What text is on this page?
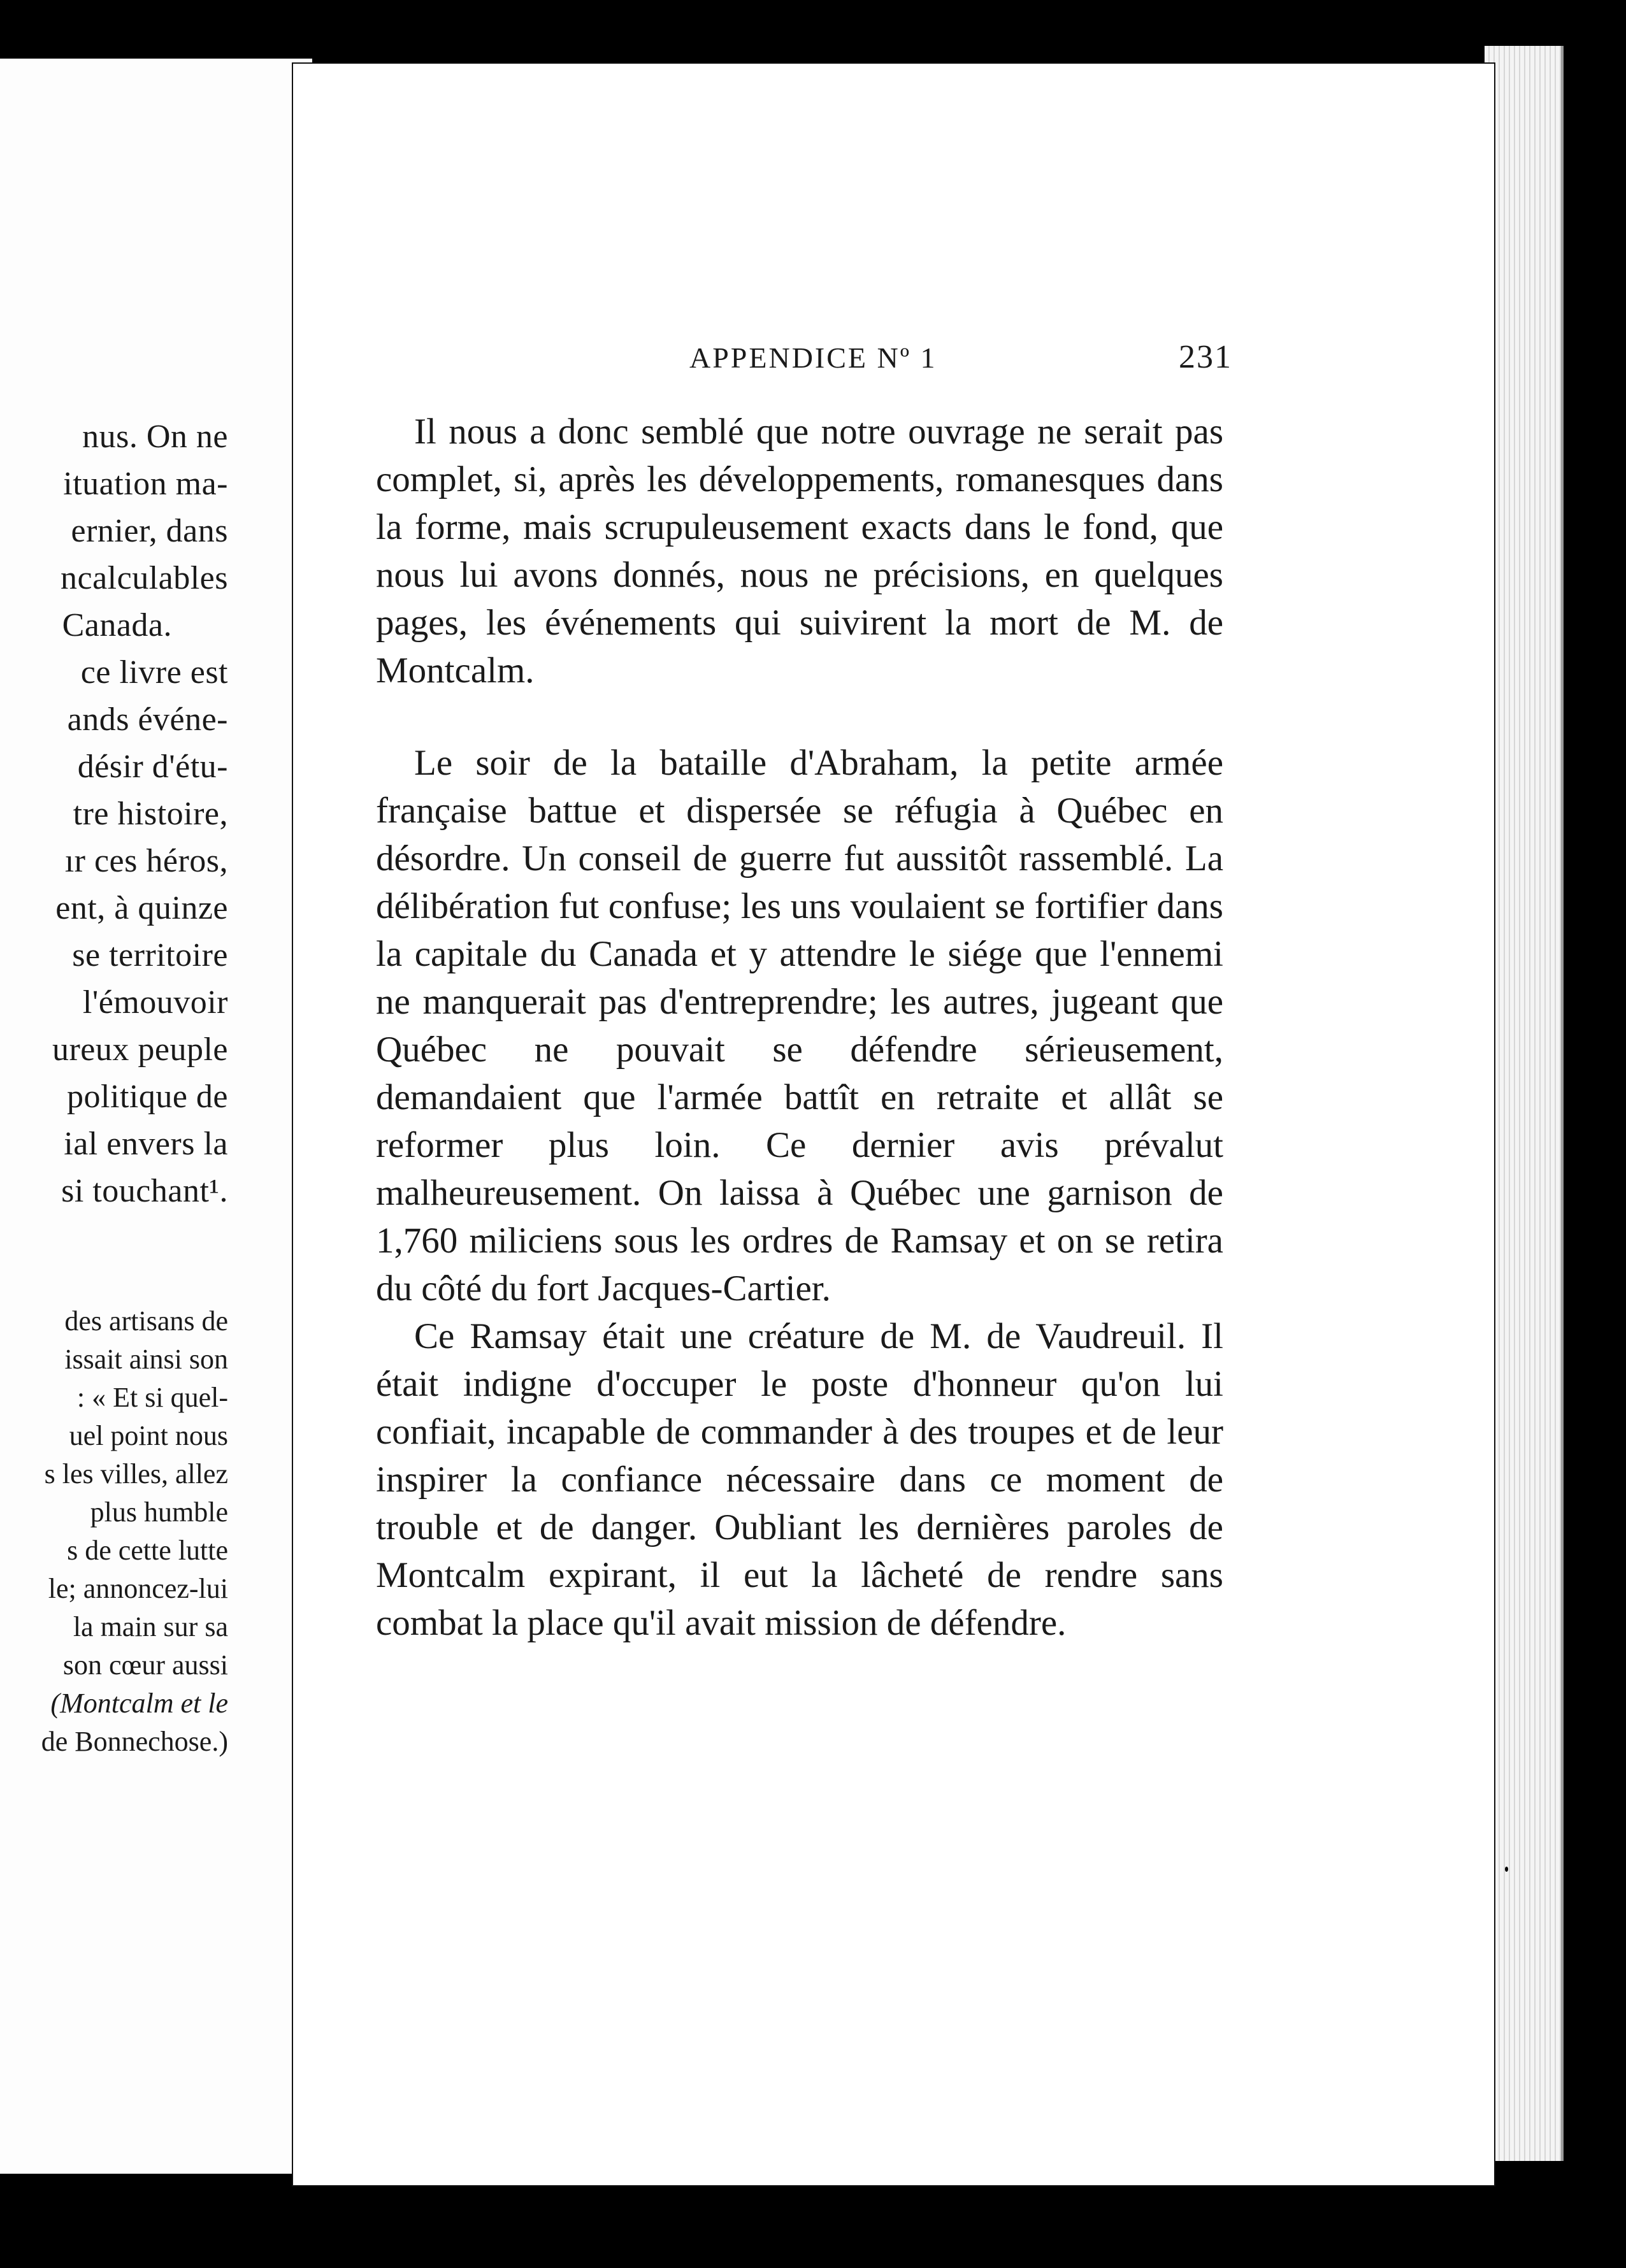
nus. On ne
ituation ma-
ernier, dans
ncalculables
Canada.
ce livre est
ands événe-
désir d'étu-
tre histoire,
ır ces héros,
ent, à quinze
se territoire
l'émouvoir
ureux peuple
politique de
ial envers la
si touchant¹.
des artisans de
issait ainsi son
: « Et si quel-
uel point nous
s les villes, allez
plus humble
s de cette lutte
le; annoncez-lui
la main sur sa
son cœur aussi
(Montcalm et le
de Bonnechose.)
APPENDICE Nº 1	231

Il nous a donc semblé que notre ouvrage ne serait pas complet, si, après les développements, romanesques dans la forme, mais scrupuleusement exacts dans le fond, que nous lui avons donnés, nous ne précisions, en quelques pages, les événements qui suivirent la mort de M. de Montcalm.

Le soir de la bataille d'Abraham, la petite armée française battue et dispersée se réfugia à Québec en désordre. Un conseil de guerre fut aussitôt rassemblé. La délibération fut confuse; les uns voulaient se fortifier dans la capitale du Canada et y attendre le siége que l'ennemi ne manquerait pas d'entreprendre; les autres, jugeant que Québec ne pouvait se défendre sérieusement, demandaient que l'armée battît en retraite et allât se reformer plus loin. Ce dernier avis prévalut malheureusement. On laissa à Québec une garnison de 1,760 miliciens sous les ordres de Ramsay et on se retira du côté du fort Jacques-Cartier.

Ce Ramsay était une créature de M. de Vaudreuil. Il était indigne d'occuper le poste d'honneur qu'on lui confiait, incapable de commander à des troupes et de leur inspirer la confiance nécessaire dans ce moment de trouble et de danger. Oubliant les dernières paroles de Montcalm expirant, il eut la lâcheté de rendre sans combat la place qu'il avait mission de défendre.
